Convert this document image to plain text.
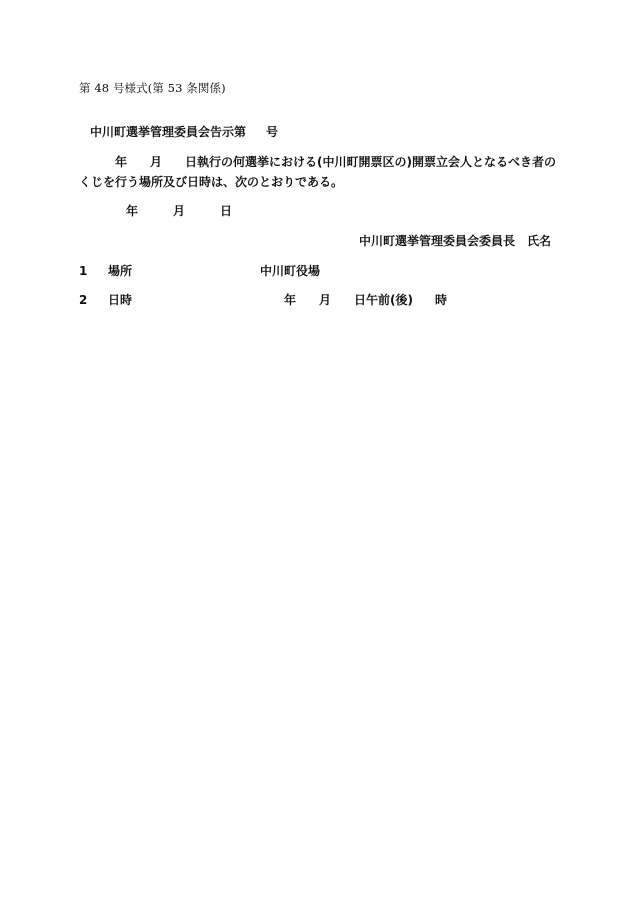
第 48 号様式(第 53 条関係)
中川町選挙管理委員会告示第 号
年 月 日執行の何選挙における(中川町開票区の)開票立会人となるべき者の
くじを行う場所及び日時は、次のとおりである。
年	月	日
中川町選挙管理委員会委員長　氏名
1 場所	中川町役場
2 日時	年 月 日午前(後) 時
